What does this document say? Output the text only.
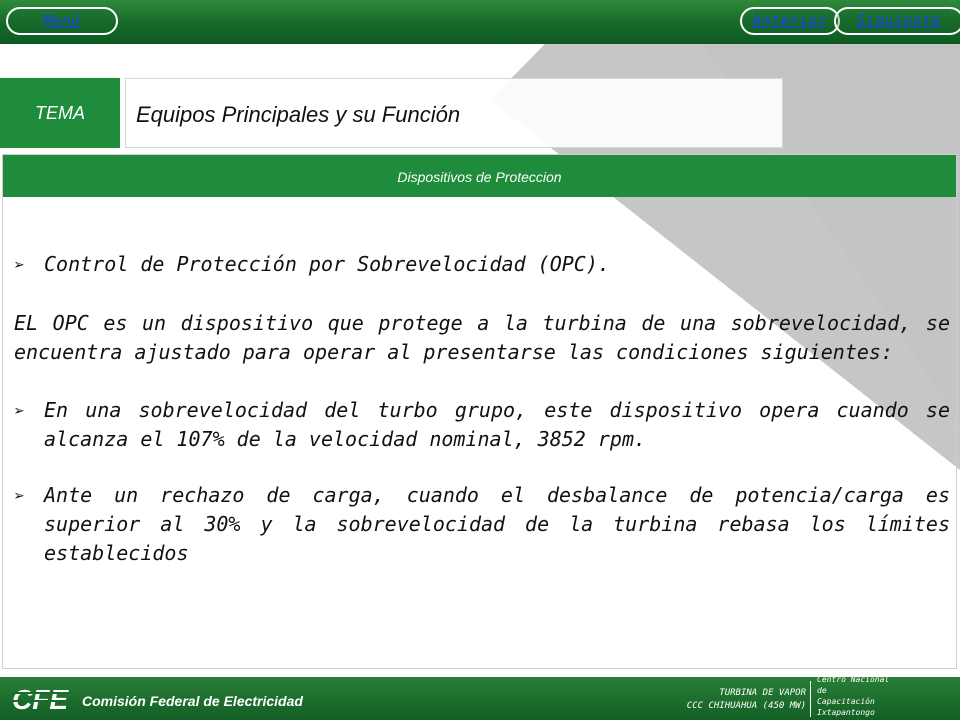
Menú	Anterior	Siguiente
TEMA	Equipos Principales y su Función
Dispositivos de Proteccion
➢ Control de Protección por Sobrevelocidad (OPC).
EL OPC es un dispositivo que protege a la turbina de una sobrevelocidad, se encuentra ajustado para operar al presentarse las condiciones siguientes:
➢ En una sobrevelocidad del turbo grupo, este dispositivo opera cuando se alcanza el 107% de la velocidad nominal, 3852 rpm.
➢ Ante un rechazo de carga, cuando el desbalance de potencia/carga es superior al 30% y la sobrevelocidad de la turbina rebasa los límites establecidos
CFE Comisión Federal de Electricidad	TURBINA DE VAPOR
CCC CHIHUAHUA (450 MW)
Centro Nacional
de
Capacitación
Ixtapantongo
